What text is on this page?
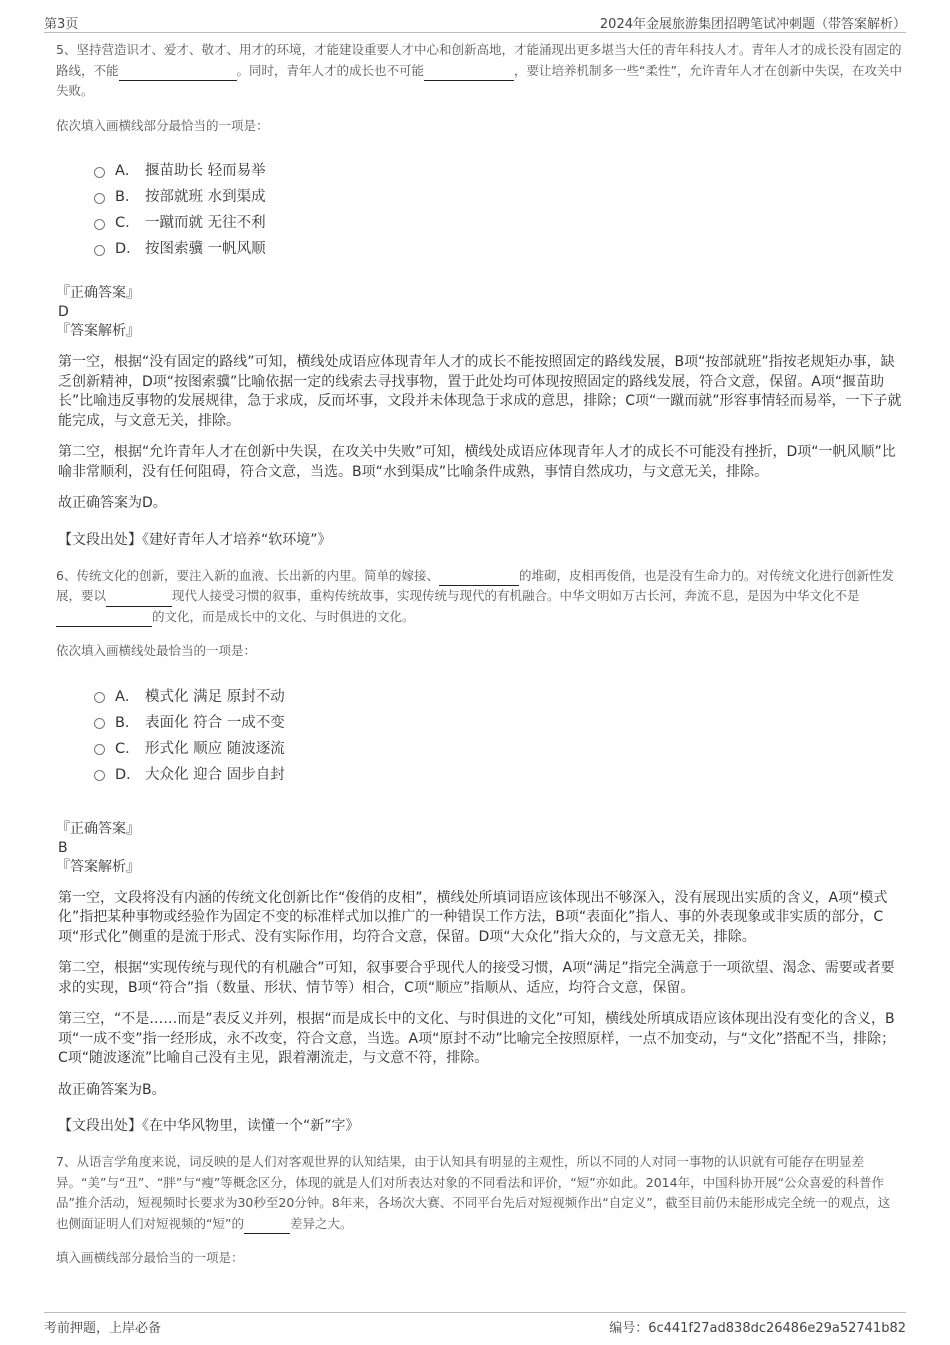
第3页	2024年金展旅游集团招聘笔试冲刺题（带答案解析）

5、坚持营造识才、爱才、敬才、用才的环境，才能建设重要人才中心和创新高地，才能涌现出更多堪当大任的青年科技人才。青年人才的成长没有固定的路线，不能	。同时，青年人才的成长也不可能	，要让培养机制多一些“柔性”，允许青年人才在创新中失误，在攻关中失败。

依次填入画横线部分最恰当的一项是：

A． 揠苗助长 轻而易举
B． 按部就班 水到渠成
C． 一蹴而就 无往不利
D． 按图索骥 一帆风顺

『正确答案』

D

『答案解析』

第一空，根据“没有固定的路线”可知，横线处成语应体现青年人才的成长不能按照固定的路线发展，B项“按部就班”指按老规矩办事，缺乏创新精神，D项“按图索骥”比喻依据一定的线索去寻找事物，置于此处均可体现按照固定的路线发展，符合文意，保留。A项“揠苗助长”比喻违反事物的发展规律，急于求成，反而坏事，文段并未体现急于求成的意思，排除；C项“一蹴而就”形容事情轻而易举，一下子就能完成，与文意无关，排除。

第二空，根据“允许青年人才在创新中失误，在攻关中失败”可知，横线处成语应体现青年人才的成长不可能没有挫折，D项“一帆风顺”比喻非常顺利，没有任何阻碍，符合文意，当选。B项“水到渠成”比喻条件成熟，事情自然成功，与文意无关，排除。

故正确答案为D。

【文段出处】《建好青年人才培养“软环境”》

6、传统文化的创新，要注入新的血液、长出新的内里。简单的嫁接、	的堆砌，皮相再俊俏，也是没有生命力的。对传统文化进行创新性发展，要以	现代人接受习惯的叙事，重构传统故事，实现传统与现代的有机融合。中华文明如万古长河，奔流不息，是因为中华文化不是的文化，而是成长中的文化、与时俱进的文化。

依次填入画横线处最恰当的一项是：

A． 模式化 满足 原封不动
B． 表面化 符合 一成不变
C． 形式化 顺应 随波逐流
D． 大众化 迎合 固步自封

『正确答案』

B

『答案解析』

第一空，文段将没有内涵的传统文化创新比作“俊俏的皮相”，横线处所填词语应该体现出不够深入，没有展现出实质的含义，A项“模式化”指把某种事物或经验作为固定不变的标准样式加以推广的一种错误工作方法，B项“表面化”指人、事的外表现象或非实质的部分，C项“形式化”侧重的是流于形式、没有实际作用，均符合文意，保留。D项“大众化”指大众的，与文意无关，排除。

第二空，根据“实现传统与现代的有机融合”可知，叙事要合乎现代人的接受习惯，A项“满足”指完全满意于一项欲望、渴念、需要或者要求的实现，B项“符合”指（数量、形状、情节等）相合，C项“顺应”指顺从、适应，均符合文意，保留。

第三空，“不是……而是”表反义并列，根据“而是成长中的文化、与时俱进的文化”可知，横线处所填成语应该体现出没有变化的含义，B项“一成不变”指一经形成，永不改变，符合文意，当选。A项“原封不动”比喻完全按照原样，一点不加变动，与“文化”搭配不当，排除；C项“随波逐流”比喻自己没有主见，跟着潮流走，与文意不符，排除。

故正确答案为B。

【文段出处】《在中华风物里，读懂一个“新”字》

7、从语言学角度来说，词反映的是人们对客观世界的认知结果，由于认知具有明显的主观性，所以不同的人对同一事物的认识就有可能存在明显差异。“美”与“丑”、“胖”与“瘦”等概念区分，体现的就是人们对所表达对象的不同看法和评价，“短”亦如此。2014年，中国科协开展“公众喜爱的科普作品”推介活动，短视频时长要求为30秒至20分钟。8年来，各场次大赛、不同平台先后对短视频作出“自定义”，截至目前仍未能形成完全统一的观点，这也侧面证明人们对短视频的“短”的	差异之大。

填入画横线部分最恰当的一项是：

考前押题，上岸必备	编号：6c441f27ad838dc26486e29a52741b82
